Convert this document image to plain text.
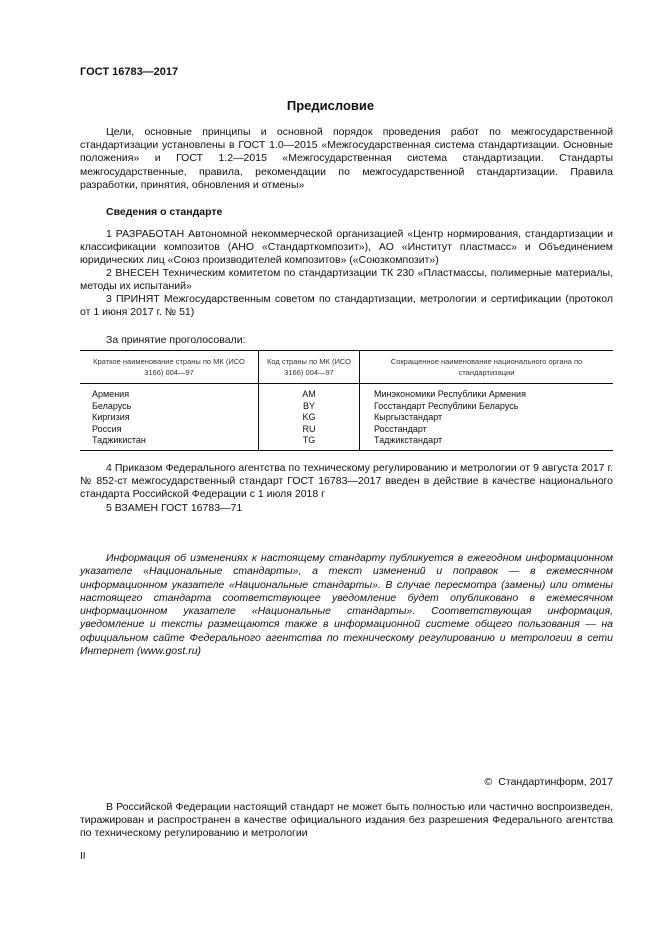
ГОСТ 16783—2017
Предисловие
Цели, основные принципы и основной порядок проведения работ по межгосударственной стандартизации установлены в ГОСТ 1.0—2015 «Межгосударственная система стандартизации. Основные положения» и ГОСТ 1.2—2015 «Межгосударственная система стандартизации. Стандарты межгосударственные, правила, рекомендации по межгосударственной стандартизации. Правила разработки, принятия, обновления и отмены»
Сведения о стандарте
1 РАЗРАБОТАН Автономной некоммерческой организацией «Центр нормирования, стандартизации и классификации композитов (АНО «Стандарткомпозит»), АО «Институт пластмасс» и Объединением юридических лиц «Союз производителей композитов» («Союзкомпозит»)
2 ВНЕСЕН Техническим комитетом по стандартизации ТК 230 «Пластмассы, полимерные материалы, методы их испытаний»
3 ПРИНЯТ Межгосударственным советом по стандартизации, метрологии и сертификации (протокол от 1 июня 2017 г. № 51)
За принятие проголосовали:
Краткое наименование страны по МК (ИСО 3166) 004—97	Код страны по МК (ИСО 3166) 004—97	Сокращенное наименование национального органа по стандартизации
Армения	AM	Минэкономики Республики Армения
Беларусь	BY	Госстандарт Республики Беларусь
Киргизия	KG	Кыргызстандарт
Россия	RU	Росстандарт
Таджикистан	TG	Таджикстандарт
4 Приказом Федерального агентства по техническому регулированию и метрологии от 9 августа 2017 г. № 852-ст межгосударственный стандарт ГОСТ 16783—2017 введен в действие в качестве национального стандарта Российской Федерации с 1 июля 2018 г
5 ВЗАМЕН ГОСТ 16783—71
Информация об изменениях к настоящему стандарту публикуется в ежегодном информационном указателе «Национальные стандарты», а текст изменений и поправок — в ежемесячном информационном указателе «Национальные стандарты». В случае пересмотра (замены) или отмены настоящего стандарта соответствующее уведомление будет опубликовано в ежемесячном информационном указателе «Национальные стандарты». Соответствующая информация, уведомление и тексты размещаются также в информационной системе общего пользования — на официальном сайте Федерального агентства по техническому регулированию и метрологии в сети Интернет (www.gost.ru)
© Стандартинформ, 2017
В Российской Федерации настоящий стандарт не может быть полностью или частично воспроизведен, тиражирован и распространен в качестве официального издания без разрешения Федерального агентства по техническому регулированию и метрологии
II
